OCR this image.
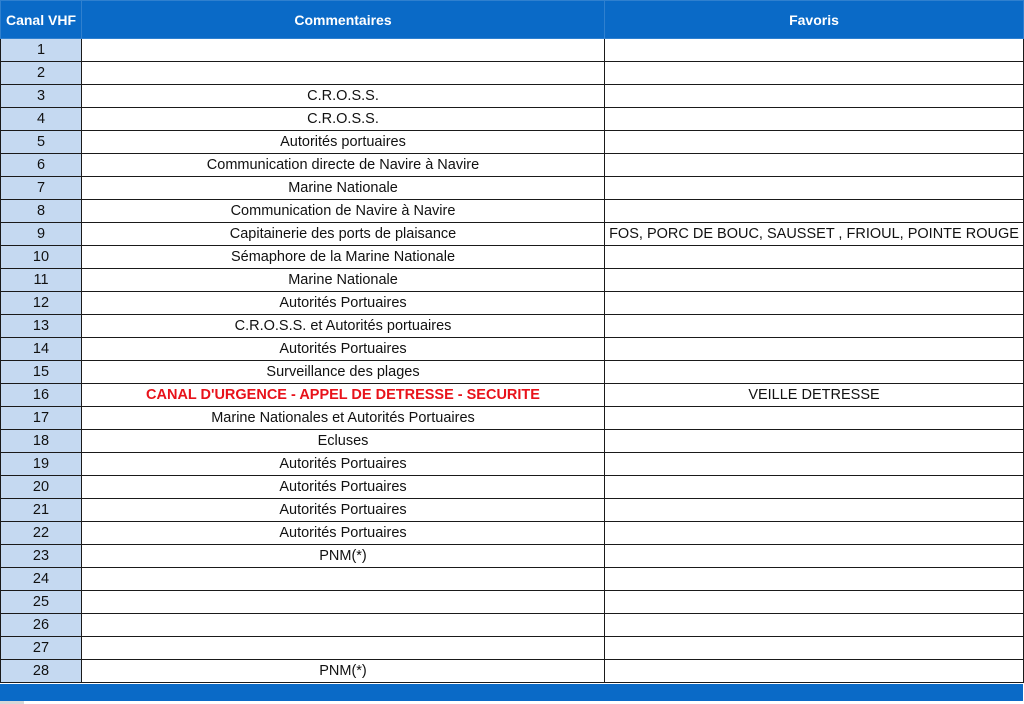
Canal VHF	Commentaires	Favoris
1		
2		
3	C.R.O.S.S.	
4	C.R.O.S.S.	
5	Autorités portuaires	
6	Communication directe de Navire à Navire	
7	Marine Nationale	
8	Communication de Navire à Navire	
9	Capitainerie des ports de plaisance	FOS, PORC DE BOUC, SAUSSET , FRIOUL, POINTE ROUGE
10	Sémaphore de la Marine Nationale	
11	Marine Nationale	
12	Autorités Portuaires	
13	C.R.O.S.S. et Autorités portuaires	
14	Autorités Portuaires	
15	Surveillance des plages	
16	CANAL D'URGENCE - APPEL DE DETRESSE - SECURITE	VEILLE DETRESSE
17	Marine Nationales et Autorités Portuaires	
18	Ecluses	
19	Autorités Portuaires	
20	Autorités Portuaires	
21	Autorités Portuaires	
22	Autorités Portuaires	
23	PNM(*)	
24		
25		
26		
27		
28	PNM(*)	
